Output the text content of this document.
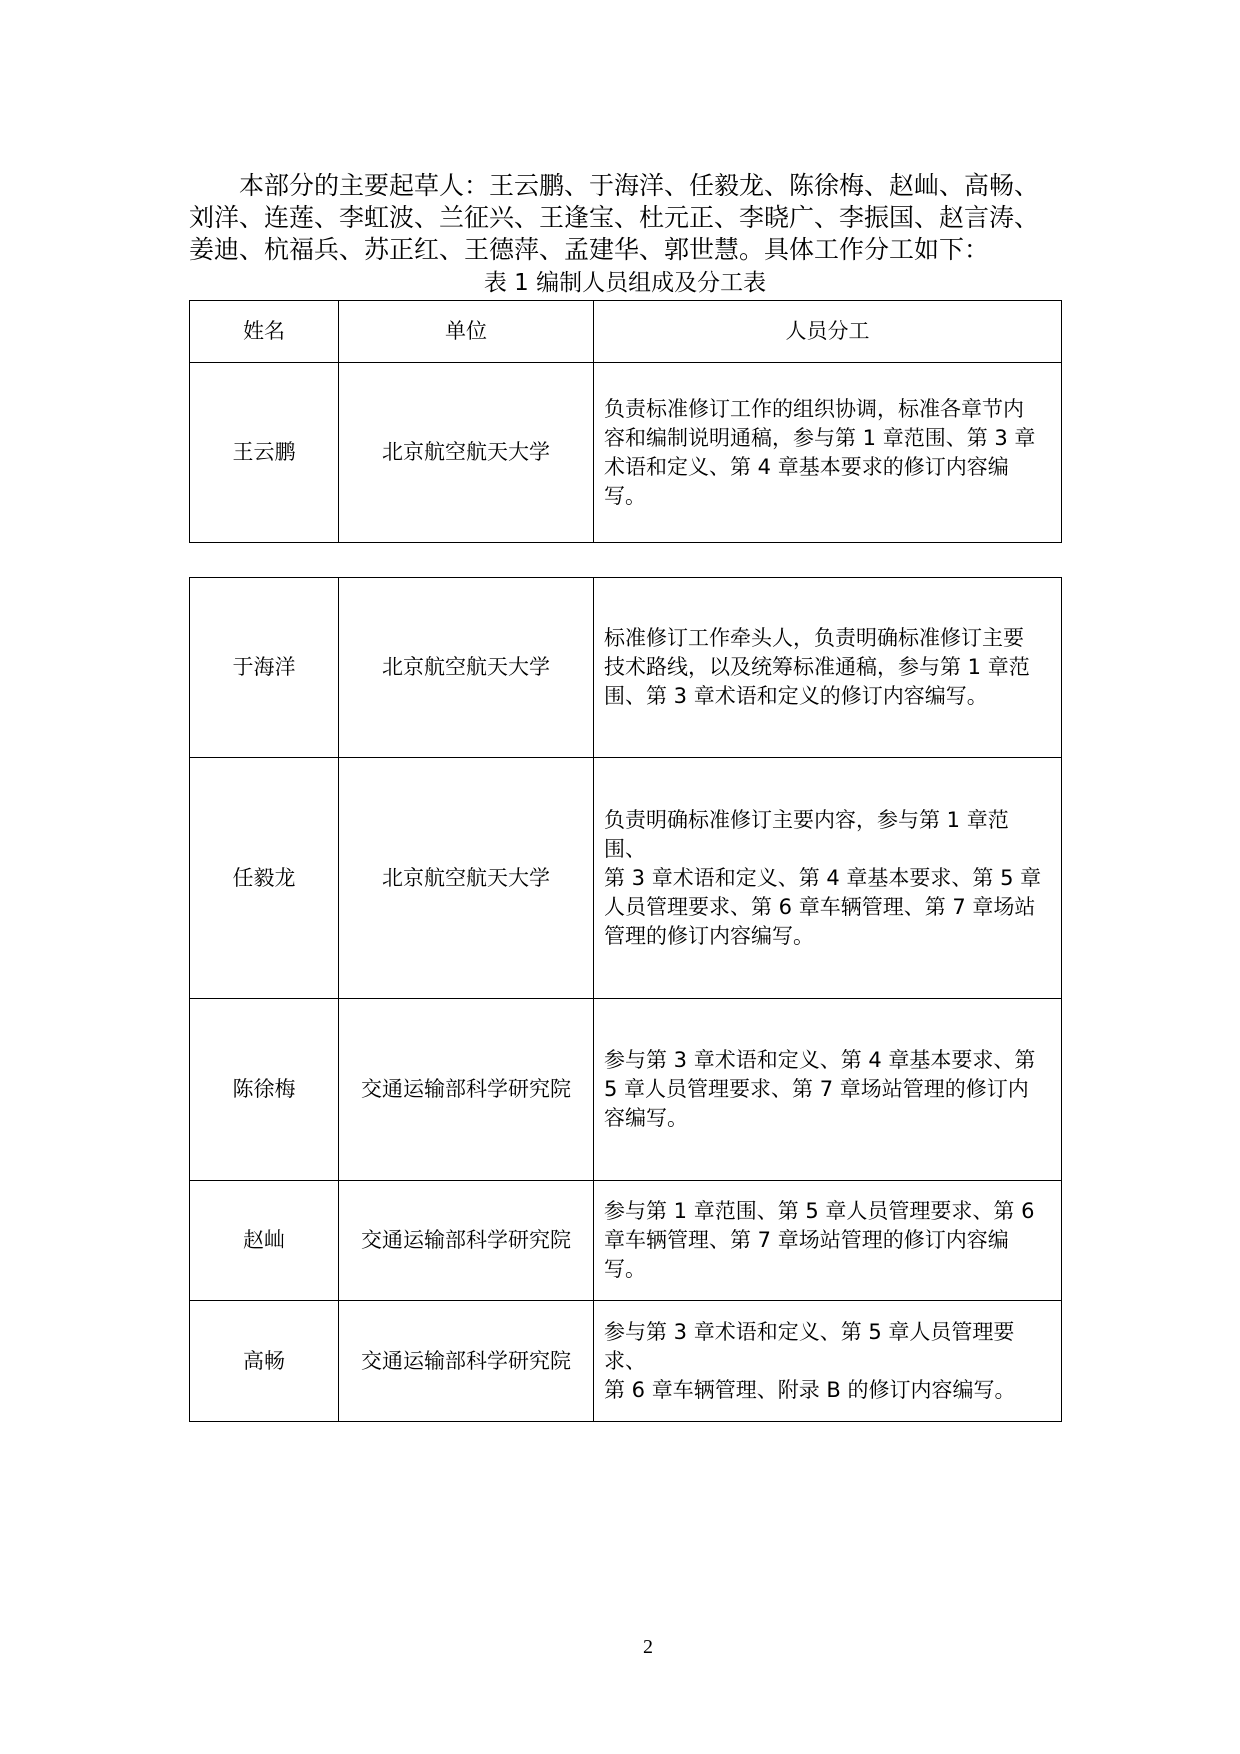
本部分的主要起草人：王云鹏、于海洋、任毅龙、陈徐梅、赵屾、高畅、
刘洋、连莲、李虹波、兰征兴、王逢宝、杜元正、李晓广、李振国、赵言涛、
姜迪、杭福兵、苏正红、王德萍、孟建华、郭世慧。具体工作分工如下：
表 1 编制人员组成及分工表
姓名	单位	人员分工
王云鹏	北京航空航天大学	负责标准修订工作的组织协调，标准各章节内
容和编制说明通稿，参与第 1 章范围、第 3 章
术语和定义、第 4 章基本要求的修订内容编
写。
于海洋	北京航空航天大学	标准修订工作牵头人，负责明确标准修订主要
技术路线，以及统筹标准通稿，参与第 1 章范
围、第 3 章术语和定义的修订内容编写。

任毅龙	北京航空航天大学	负责明确标准修订主要内容，参与第 1 章范
围、
第 3 章术语和定义、第 4 章基本要求、第 5 章
人员管理要求、第 6 章车辆管理、第 7 章场站
管理的修订内容编写。

陈徐梅	交通运输部科学研究院	参与第 3 章术语和定义、第 4 章基本要求、第
5 章人员管理要求、第 7 章场站管理的修订内
容编写。

赵屾	交通运输部科学研究院	参与第 1 章范围、第 5 章人员管理要求、第 6
章车辆管理、第 7 章场站管理的修订内容编
写。

高畅	交通运输部科学研究院	参与第 3 章术语和定义、第 5 章人员管理要
求、
第 6 章车辆管理、附录 B 的修订内容编写。
2
